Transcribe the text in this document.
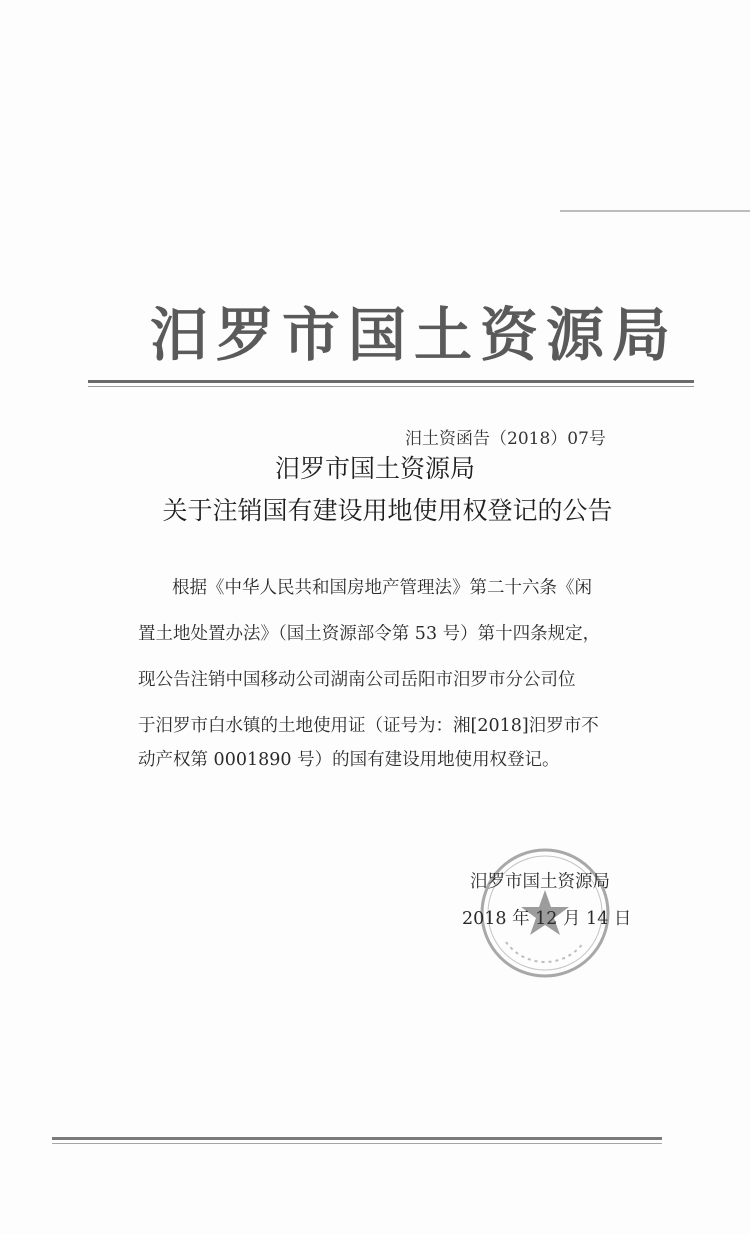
汨罗市国土资源局
汨土资函告（2018）07号
汨罗市国土资源局
关于注销国有建设用地使用权登记的公告
根据《中华人民共和国房地产管理法》第二十六条《闲
置土地处置办法》（国土资源部令第 53 号）第十四条规定，
现公告注销中国移动公司湖南公司岳阳市汨罗市分公司位
于汨罗市白水镇的土地使用证（证号为：湘[2018]汨罗市不
动产权第 0001890 号）的国有建设用地使用权登记。
汨罗市国土资源局
2018 年 12 月 14 日
